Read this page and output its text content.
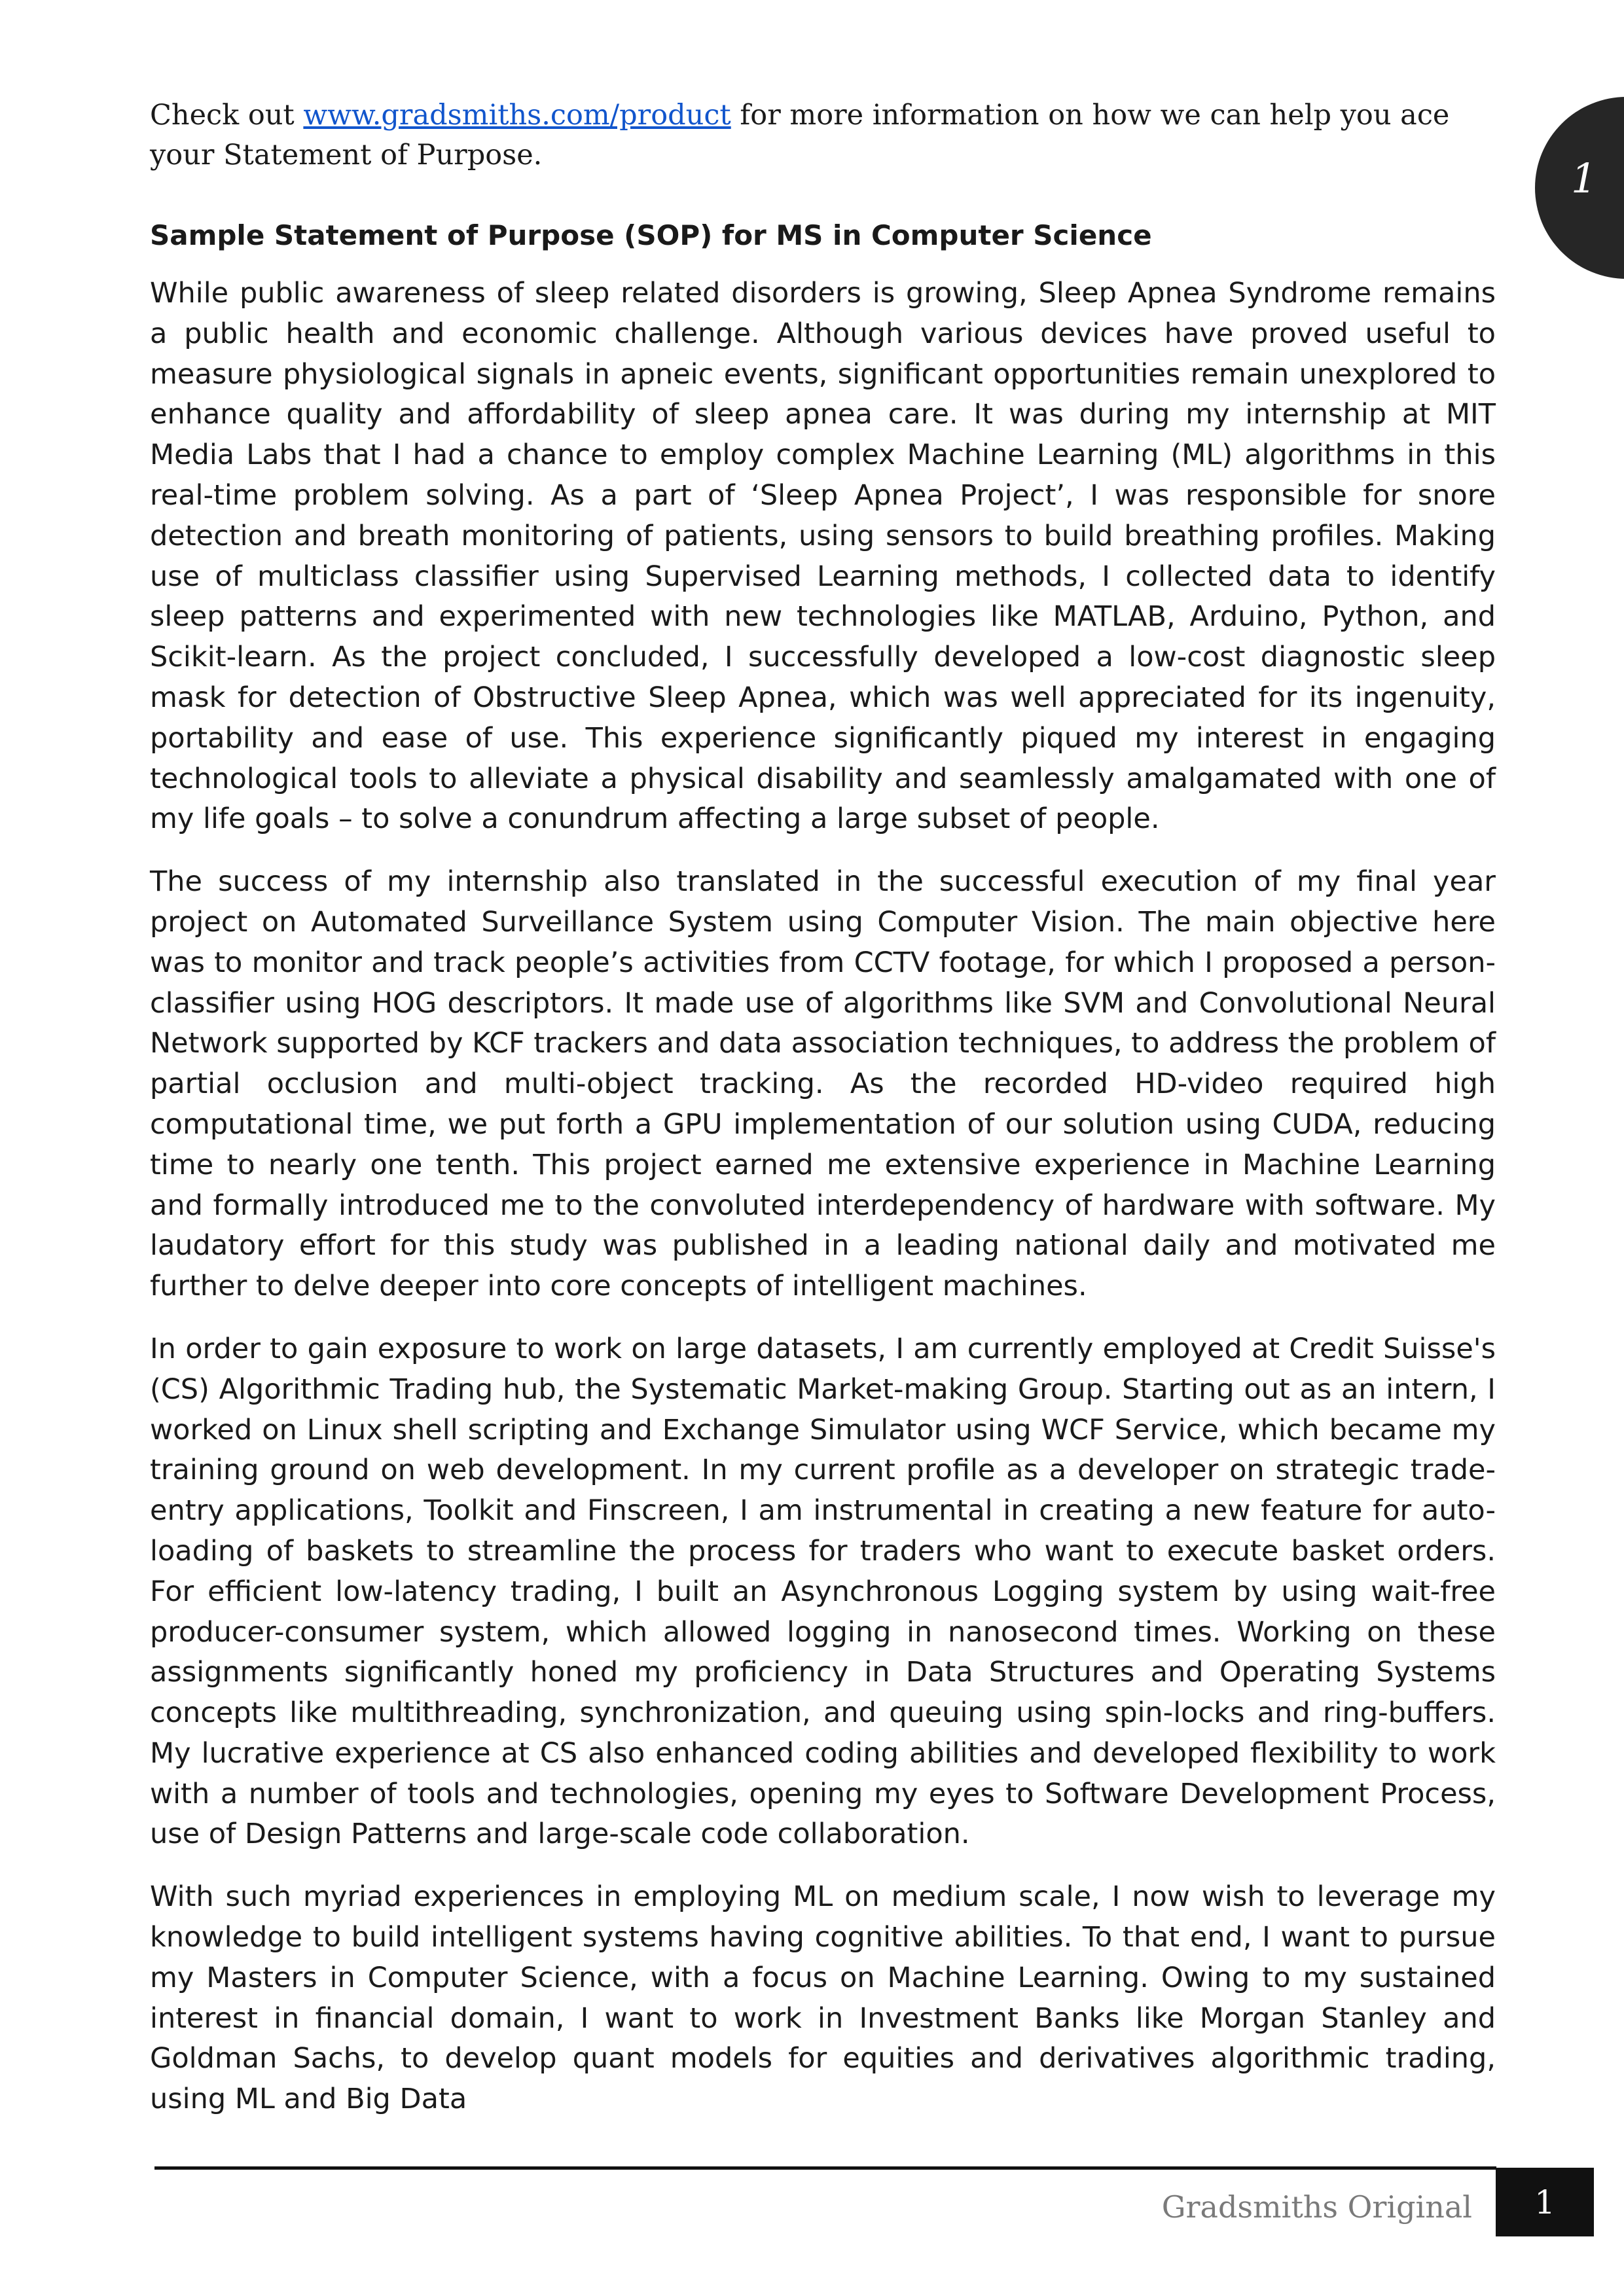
Check out www.gradsmiths.com/product for more information on how we can help you ace your Statement of Purpose.	1

Sample Statement of Purpose (SOP) for MS in Computer Science

While public awareness of sleep related disorders is growing, Sleep Apnea Syndrome remains a public health and economic challenge. Although various devices have proved useful to measure physiological signals in apneic events, significant opportunities remain unexplored to enhance quality and affordability of sleep apnea care. It was during my internship at MIT Media Labs that I had a chance to employ complex Machine Learning (ML) algorithms in this real-time problem solving. As a part of ‘Sleep Apnea Project’, I was responsible for snore detection and breath monitoring of patients, using sensors to build breathing profiles. Making use of multiclass classifier using Supervised Learning methods, I collected data to identify sleep patterns and experimented with new technologies like MATLAB, Arduino, Python, and Scikit-learn. As the project concluded, I successfully developed a low-cost diagnostic sleep mask for detection of Obstructive Sleep Apnea, which was well appreciated for its ingenuity, portability and ease of use. This experience significantly piqued my interest in engaging technological tools to alleviate a physical disability and seamlessly amalgamated with one of my life goals – to solve a conundrum affecting a large subset of people.

The success of my internship also translated in the successful execution of my final year project on Automated Surveillance System using Computer Vision. The main objective here was to monitor and track people’s activities from CCTV footage, for which I proposed a person-classifier using HOG descriptors. It made use of algorithms like SVM and Convolutional Neural Network supported by KCF trackers and data association techniques, to address the problem of partial occlusion and multi-object tracking. As the recorded HD-video required high computational time, we put forth a GPU implementation of our solution using CUDA, reducing time to nearly one tenth. This project earned me extensive experience in Machine Learning and formally introduced me to the convoluted interdependency of hardware with software. My laudatory effort for this study was published in a leading national daily and motivated me further to delve deeper into core concepts of intelligent machines.

In order to gain exposure to work on large datasets, I am currently employed at Credit Suisse's (CS) Algorithmic Trading hub, the Systematic Market-making Group. Starting out as an intern, I worked on Linux shell scripting and Exchange Simulator using WCF Service, which became my training ground on web development. In my current profile as a developer on strategic trade-entry applications, Toolkit and Finscreen, I am instrumental in creating a new feature for auto-loading of baskets to streamline the process for traders who want to execute basket orders. For efficient low-latency trading, I built an Asynchronous Logging system by using wait-free producer-consumer system, which allowed logging in nanosecond times. Working on these assignments significantly honed my proficiency in Data Structures and Operating Systems concepts like multithreading, synchronization, and queuing using spin-locks and ring-buffers. My lucrative experience at CS also enhanced coding abilities and developed flexibility to work with a number of tools and technologies, opening my eyes to Software Development Process, use of Design Patterns and large-scale code collaboration.

With such myriad experiences in employing ML on medium scale, I now wish to leverage my knowledge to build intelligent systems having cognitive abilities. To that end, I want to pursue my Masters in Computer Science, with a focus on Machine Learning. Owing to my sustained interest in financial domain, I want to work in Investment Banks like Morgan Stanley and Goldman Sachs, to develop quant models for equities and derivatives algorithmic trading, using ML and Big Data

Gradsmiths Original	1
